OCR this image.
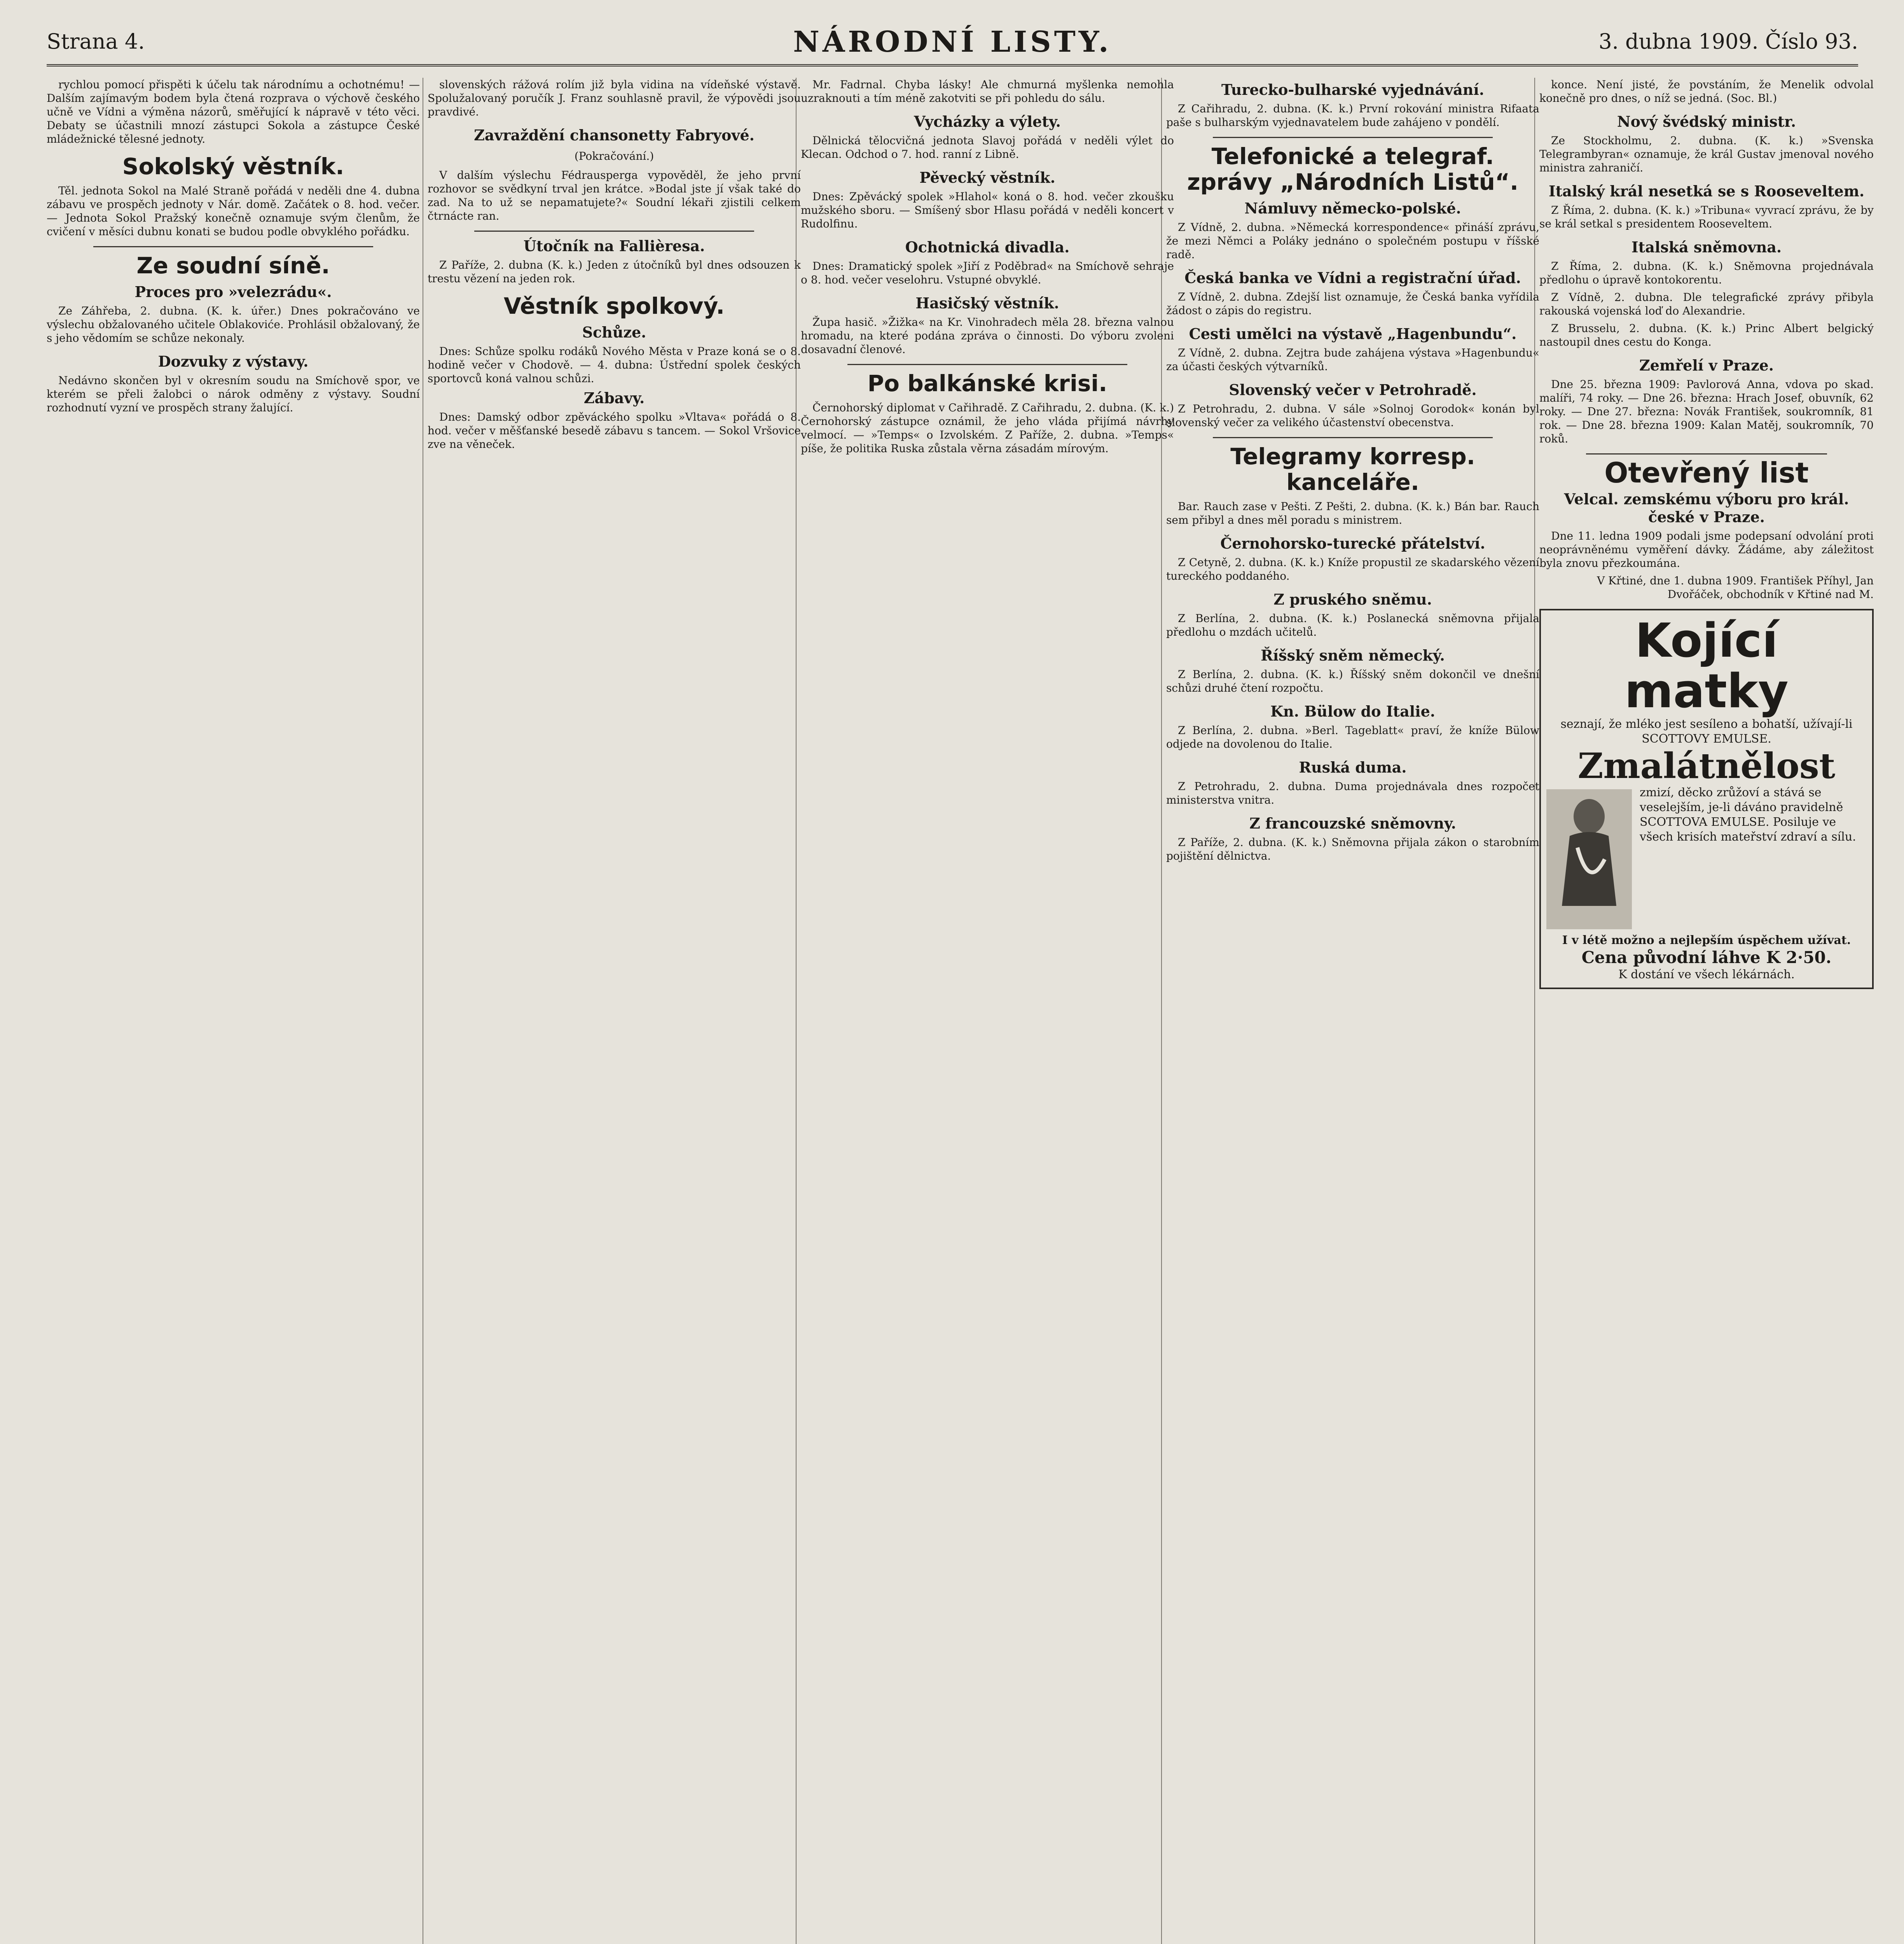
Strana 4.	NÁRODNÍ LISTY.	3. dubna 1909. Číslo 93.

rychlou pomocí přispěti k účelu tak národnímu a ochotnému! — Dalším zajímavým bodem byla čtená rozprava o výchově českého učně ve Vídni a výměna názorů, směřující k nápravě v této věci. Debaty se účastnili mnozí zástupci Sokola a zástupce České mládežnické tělesné jednoty.

Sokolský věstník.

Těl. jednota Sokol na Malé Straně pořádá v neděli dne 4. dubna zábavu ve prospěch jednoty v Nár. domě. Začátek o 8. hod. večer. — Jednota Sokol Pražský konečně oznamuje svým členům, že cvičení v měsíci dubnu konati se budou podle obvyklého pořádku.

Ze soudní síně.
Proces pro »velezrádu«.

Ze Záhřeba, 2. dubna. (K. k. úřer.) Dnes pokračováno ve výslechu obžalovaného učitele Oblakoviće. Prohlásil obžalovaný, že s jeho vědomím se schůze nekonaly.

Dozvuky z výstavy.

Nedávno skončen byl v okresním soudu na Smíchově spor, ve kterém se přeli žalobci o nárok odměny z výstavy. Soudní rozhodnutí vyzní ve prospěch strany žalující.

slovenských rážová rolím již byla vidina na vídeňské výstavě. Spolužalovaný poručík J. Franz souhlasně pravil, že výpovědi jsou pravdivé.

Zavraždění chansonetty Fabryové.
(Pokračování.)

V dalším výslechu Fédrausperga vypověděl, že jeho první rozhovor se svědkyní trval jen krátce. »Bodal jste jí však také do zad. Na to už se nepamatujete?« Soudní lékaři zjistili celkem čtrnácte ran.

Útočník na Fallièresa.

Z Paříže, 2. dubna (K. k.) Jeden z útočníků byl dnes odsouzen k trestu vězení na jeden rok.

Věstník spolkový.
Schůze.

Dnes: Schůze spolku rodáků Nového Města v Praze koná se o 8. hodině večer v Chodově. — 4. dubna: Ústřední spolek českých sportovců koná valnou schůzi.

Zábavy.

Dnes: Damský odbor zpěváckého spolku »Vltava« pořádá o 8. hod. večer v měšťanské besedě zábavu s tancem. — Sokol Vršovice zve na věneček.

Mr. Fadrnal. Chyba lásky! Ale chmurná myšlenka nemohla uzraknouti a tím méně zakotviti se při pohledu do sálu.

Vycházky a výlety.

Dělnická tělocvičná jednota Slavoj pořádá v neděli výlet do Klecan. Odchod o 7. hod. ranní z Libně.

Pěvecký věstník.

Dnes: Zpěvácký spolek »Hlahol« koná o 8. hod. večer zkoušku mužského sboru. — Smíšený sbor Hlasu pořádá v neděli koncert v Rudolfinu.

Ochotnická divadla.

Dnes: Dramatický spolek »Jiří z Poděbrad« na Smíchově sehraje o 8. hod. večer veselohru. Vstupné obvyklé.

Hasičský věstník.

Župa hasič. »Žižka« na Kr. Vinohradech měla 28. března valnou hromadu, na které podána zpráva o činnosti. Do výboru zvoleni dosavadní členové.

Po balkánské krisi.

Černohorský diplomat v Cařihradě. Z Cařihradu, 2. dubna. (K. k.) Černohorský zástupce oznámil, že jeho vláda přijímá návrhy velmocí. — »Temps« o Izvolském. Z Paříže, 2. dubna. »Temps« píše, že politika Ruska zůstala věrna zásadám mírovým.

Turecko-bulharské vyjednávání.

Z Cařihradu, 2. dubna. (K. k.) První rokování ministra Rifaata paše s bulharským vyjednavatelem bude zahájeno v pondělí.

Telefonické a telegraf. zprávy „Národních Listů“.
Námluvy německo-polské.

Z Vídně, 2. dubna. »Německá korrespondence« přináší zprávu, že mezi Němci a Poláky jednáno o společném postupu v říšské radě.

Česká banka ve Vídni a registrační úřad.

Z Vídně, 2. dubna. Zdejší list oznamuje, že Česká banka vyřídila žádost o zápis do registru.

Cesti umělci na výstavě „Hagenbundu“.

Z Vídně, 2. dubna. Zejtra bude zahájena výstava »Hagenbundu« za účasti českých výtvarníků.

Slovenský večer v Petrohradě.

Z Petrohradu, 2. dubna. V sále »Solnoj Gorodok« konán byl slovenský večer za velikého účastenství obecenstva.

Telegramy korresp. kanceláře.

Bar. Rauch zase v Pešti. Z Pešti, 2. dubna. (K. k.) Bán bar. Rauch sem přibyl a dnes měl poradu s ministrem.

Černohorsko-turecké přátelství.

Z Cetyně, 2. dubna. (K. k.) Kníže propustil ze skadarského vězení tureckého poddaného.

Z pruského sněmu.

Z Berlína, 2. dubna. (K. k.) Poslanecká sněmovna přijala předlohu o mzdách učitelů.

Říšský sněm německý.

Z Berlína, 2. dubna. (K. k.) Říšský sněm dokončil ve dnešní schůzi druhé čtení rozpočtu.

Kn. Bülow do Italie.

Z Berlína, 2. dubna. »Berl. Tageblatt« praví, že kníže Bülow odjede na dovolenou do Italie.

Ruská duma.

Z Petrohradu, 2. dubna. Duma projednávala dnes rozpočet ministerstva vnitra.

Z francouzské sněmovny.

Z Paříže, 2. dubna. (K. k.) Sněmovna přijala zákon o starobním pojištění dělnictva.

konce. Není jisté, že povstáním, že Menelik odvolal konečně pro dnes, o níž se jedná. (Soc. Bl.)

Nový švédský ministr.

Ze Stockholmu, 2. dubna. (K. k.) »Svenska Telegrambyran« oznamuje, že král Gustav jmenoval nového ministra zahraničí.

Italský král nesetká se s Rooseveltem.

Z Říma, 2. dubna. (K. k.) »Tribuna« vyvrací zprávu, že by se král setkal s presidentem Rooseveltem.

Italská sněmovna.

Z Říma, 2. dubna. (K. k.) Sněmovna projednávala předlohu o úpravě kontokorentu.

Z Vídně, 2. dubna. Dle telegrafické zprávy přibyla rakouská vojenská loď do Alexandrie.

Z Brusselu, 2. dubna. (K. k.) Princ Albert belgický nastoupil dnes cestu do Konga.

Zemřelí v Praze.

Dne 25. března 1909: Pavlorová Anna, vdova po skad. malíři, 74 roky. — Dne 26. března: Hrach Josef, obuvník, 62 roky. — Dne 27. března: Novák František, soukromník, 81 rok. — Dne 28. března 1909: Kalan Matěj, soukromník, 70 roků.

Otevřený list
Velcal. zemskému výboru pro král. české v Praze.

Dne 11. ledna 1909 podali jsme podepsaní odvolání proti neoprávněnému vyměření dávky. Žádáme, aby záležitost byla znovu přezkoumána.

V Křtiné, dne 1. dubna 1909. František Příhyl, Jan Dvořáček, obchodník v Křtiné nad M.

Kojící matky
seznají, že mléko jest sesíleno a bohatší, užívají-li SCOTTOVY EMULSE.
Zmalátnělost
zmizí, děcko zrůžoví a stává se veselejším, je-li dáváno pravidelně SCOTTOVA EMULSE. Posiluje ve všech krisích mateřství zdraví a sílu.
I v létě možno a nejlepším úspěchem užívat.
Cena původní láhve K 2·50.
K dostání ve všech lékárnách.
